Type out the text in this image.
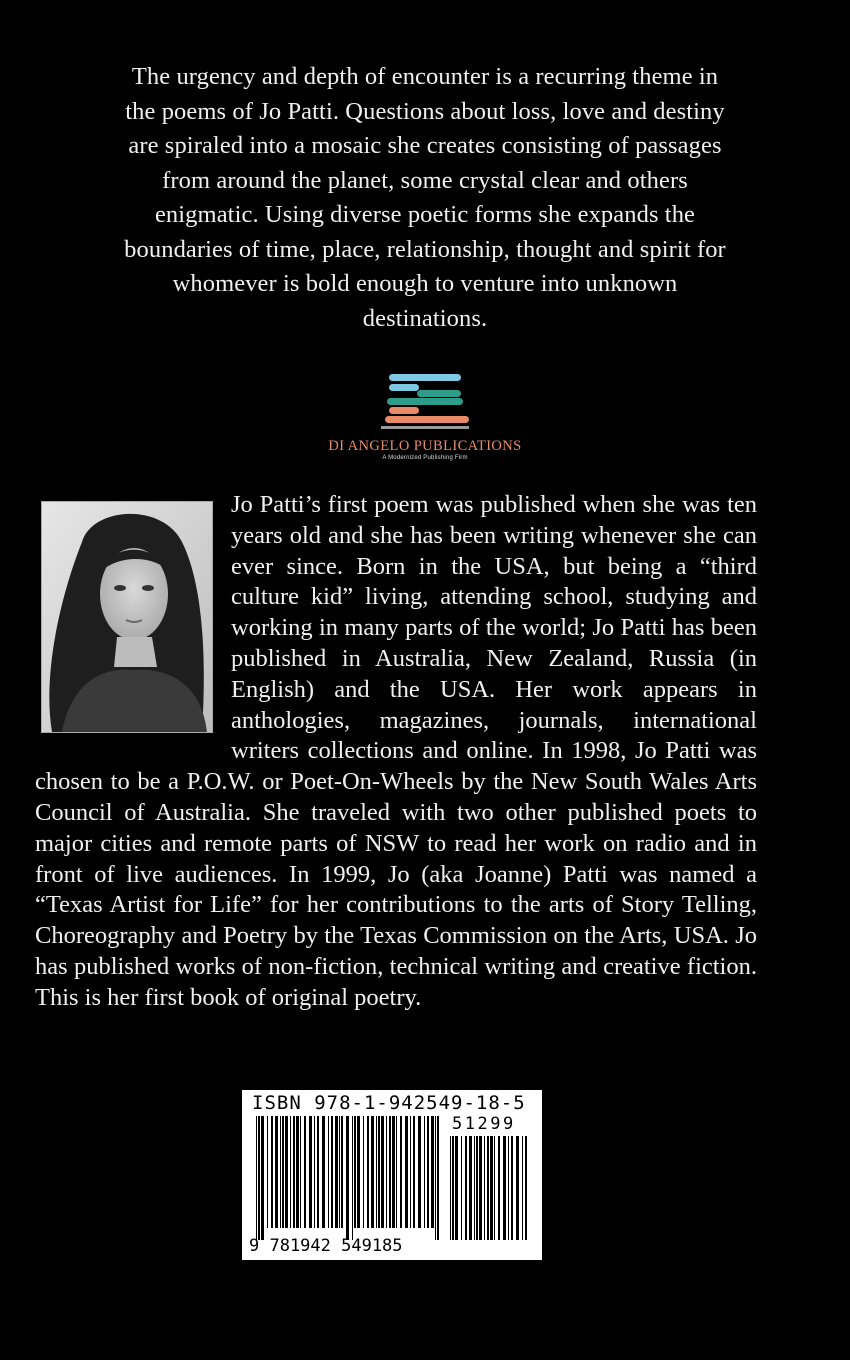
The urgency and depth of encounter is a recurring theme in

the poems of Jo Patti. Questions about loss, love and destiny

are spiraled into a mosaic she creates consisting of passages

from around the planet, some crystal clear and others

enigmatic. Using diverse poetic forms she expands the

boundaries of time, place, relationship, thought and spirit for

whomever is bold enough to venture into unknown

destinations.

DI ANGELO PUBLICATIONS
A Modernized Publishing Firm

Jo Patti’s first poem was published when she was ten years old and she has been writing whenever she can ever since. Born in the USA, but being a “third culture kid” living, attending school, studying and working in many parts of the world; Jo Patti has been published in Australia, New Zealand, Russia (in English) and the USA. Her work appears in anthologies, magazines, journals, international writers collections and online. In 1998, Jo Patti was chosen to be a P.O.W. or Poet-On-Wheels by the New South Wales Arts Council of Australia. She traveled with two other published poets to major cities and remote parts of NSW to read her work on radio and in front of live audiences. In 1999, Jo (aka Joanne) Patti was named a “Texas Artist for Life” for her contributions to the arts of Story Telling, Choreography and Poetry by the Texas Commission on the Arts, USA. Jo has published works of non-fiction, technical writing and creative fiction. This is her first book of original poetry.

ISBN 978-1-942549-18-5
51299
9 781942 549185
